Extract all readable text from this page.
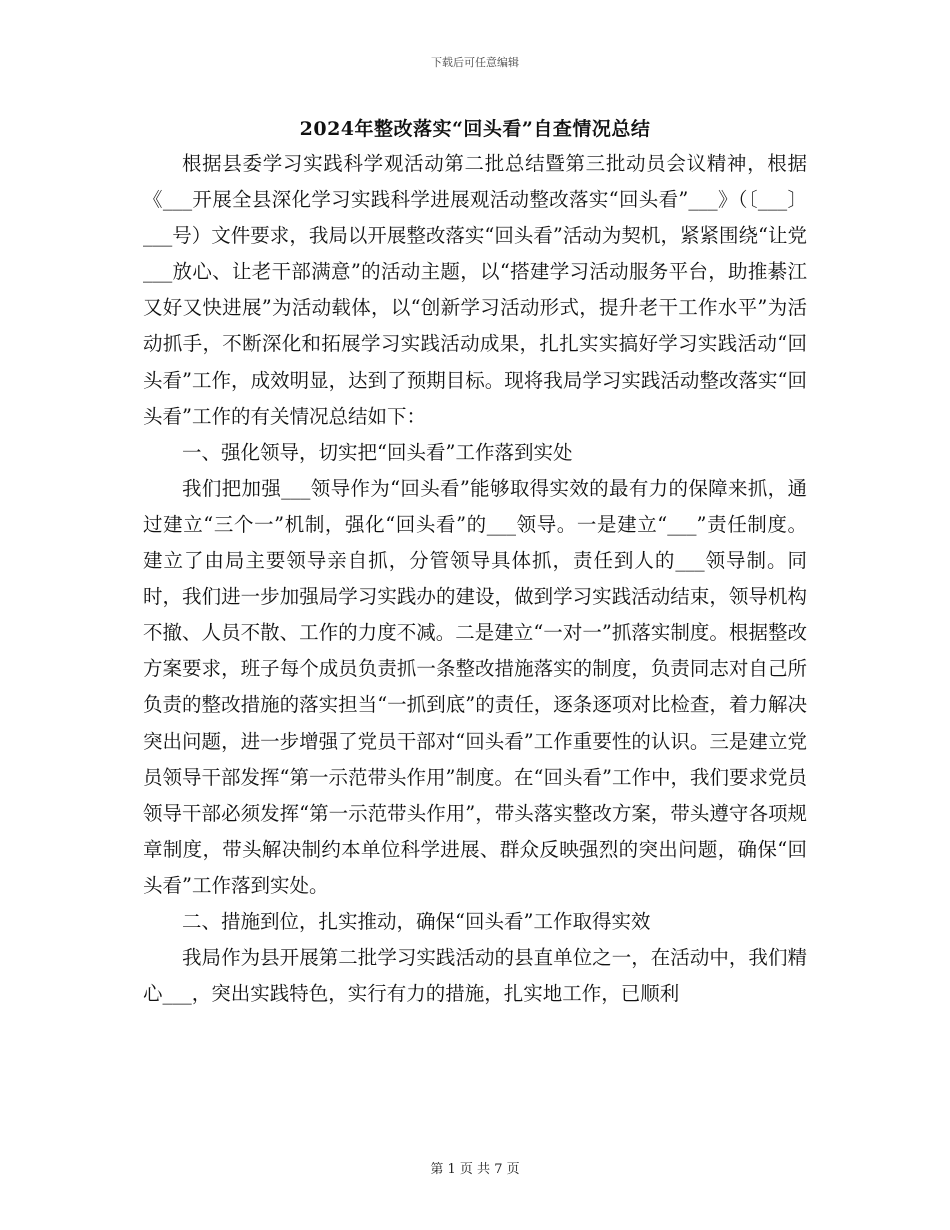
下载后可任意编辑
2024年整改落实“回头看”自查情况总结

根据县委学习实践科学观活动第二批总结暨第三批动员会议精神，根据《___开展全县深化学习实践科学进展观活动整改落实“回头看”___》（〔___〕___号）文件要求，我局以开展整改落实“回头看”活动为契机，紧紧围绕“让党___放心、让老干部满意”的活动主题，以“搭建学习活动服务平台，助推綦江又好又快进展”为活动载体，以“创新学习活动形式，提升老干工作水平”为活动抓手，不断深化和拓展学习实践活动成果，扎扎实实搞好学习实践活动“回头看”工作，成效明显，达到了预期目标。现将我局学习实践活动整改落实“回头看”工作的有关情况总结如下：

一、强化领导，切实把“回头看”工作落到实处

我们把加强___领导作为“回头看”能够取得实效的最有力的保障来抓，通过建立“三个一”机制，强化“回头看”的___领导。一是建立“___”责任制度。建立了由局主要领导亲自抓，分管领导具体抓，责任到人的___领导制。同时，我们进一步加强局学习实践办的建设，做到学习实践活动结束，领导机构不撤、人员不散、工作的力度不减。二是建立“一对一”抓落实制度。根据整改方案要求，班子每个成员负责抓一条整改措施落实的制度，负责同志对自己所负责的整改措施的落实担当“一抓到底”的责任，逐条逐项对比检查，着力解决突出问题，进一步增强了党员干部对“回头看”工作重要性的认识。三是建立党员领导干部发挥“第一示范带头作用”制度。在“回头看”工作中，我们要求党员领导干部必须发挥“第一示范带头作用”，带头落实整改方案，带头遵守各项规章制度，带头解决制约本单位科学进展、群众反映强烈的突出问题，确保“回头看”工作落到实处。

二、措施到位，扎实推动，确保“回头看”工作取得实效

我局作为县开展第二批学习实践活动的县直单位之一，在活动中，我们精心___，突出实践特色，实行有力的措施，扎实地工作，已顺利

第 1 页 共 7 页
